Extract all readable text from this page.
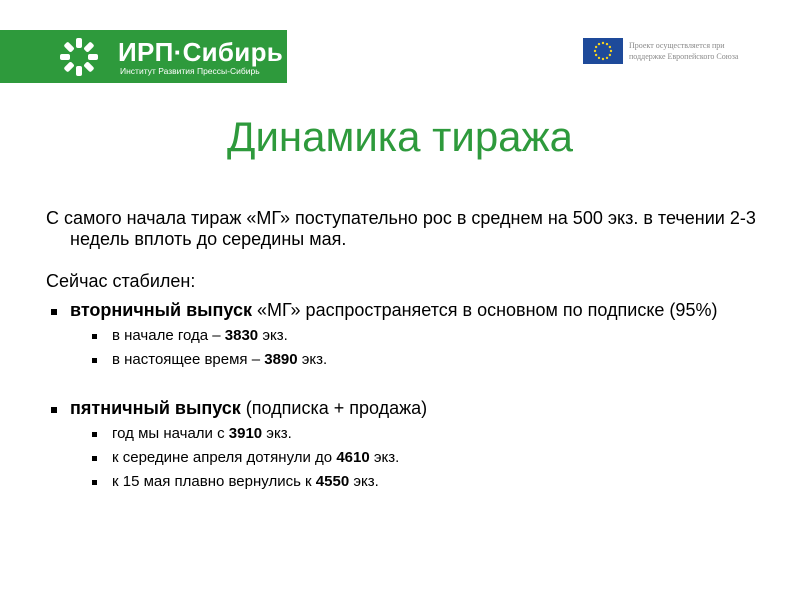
ИРП·Сибирь
Институт Развития Прессы-Сибирь
Проект осуществляется при
поддержке Европейского Союза
Динамика тиража

С самого начала тираж «МГ» поступательно рос в среднем на 500 экз. в течении 2-3 недель вплоть до середины мая.

Сейчас стабилен:

вторничный выпуск «МГ» распространяется в основном по подписке (95%)
в начале года – 3830 экз.
в настоящее время – 3890 экз.
пятничный выпуск (подписка + продажа)
год мы начали с 3910 экз.
к середине апреля дотянули до 4610 экз.
к 15 мая плавно вернулись к 4550 экз.
